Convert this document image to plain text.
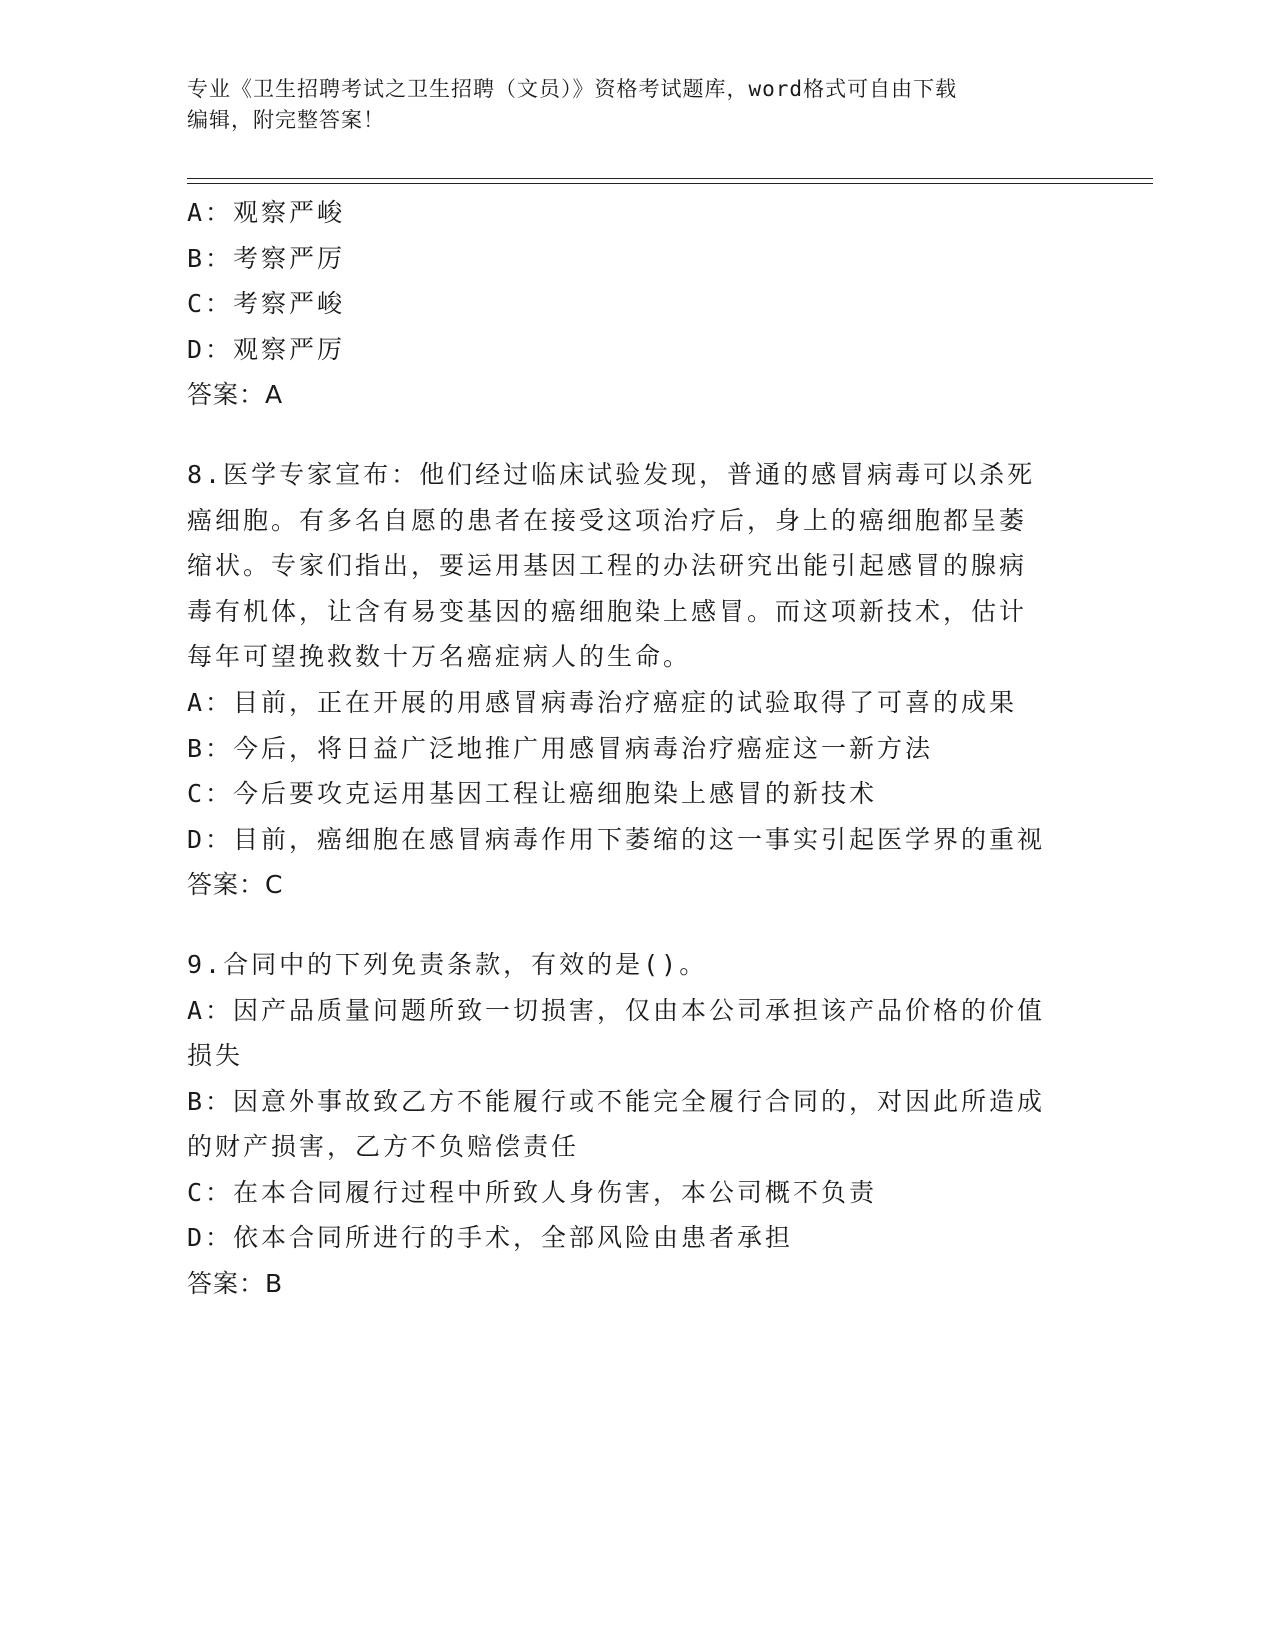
专业《卫生招聘考试之卫生招聘（文员）》资格考试题库，word格式可自由下载
编辑，附完整答案！
A：观察严峻
B：考察严厉
C：考察严峻
D：观察严厉
答案：A
8.医学专家宣布：他们经过临床试验发现，普通的感冒病毒可以杀死
癌细胞。有多名自愿的患者在接受这项治疗后，身上的癌细胞都呈萎
缩状。专家们指出，要运用基因工程的办法研究出能引起感冒的腺病
毒有机体，让含有易变基因的癌细胞染上感冒。而这项新技术，估计
每年可望挽救数十万名癌症病人的生命。
A：目前，正在开展的用感冒病毒治疗癌症的试验取得了可喜的成果
B：今后，将日益广泛地推广用感冒病毒治疗癌症这一新方法
C：今后要攻克运用基因工程让癌细胞染上感冒的新技术
D：目前，癌细胞在感冒病毒作用下萎缩的这一事实引起医学界的重视
答案：C
9.合同中的下列免责条款，有效的是()。
A：因产品质量问题所致一切损害，仅由本公司承担该产品价格的价值
损失
B：因意外事故致乙方不能履行或不能完全履行合同的，对因此所造成
的财产损害，乙方不负赔偿责任
C：在本合同履行过程中所致人身伤害，本公司概不负责
D：依本合同所进行的手术，全部风险由患者承担
答案：B
